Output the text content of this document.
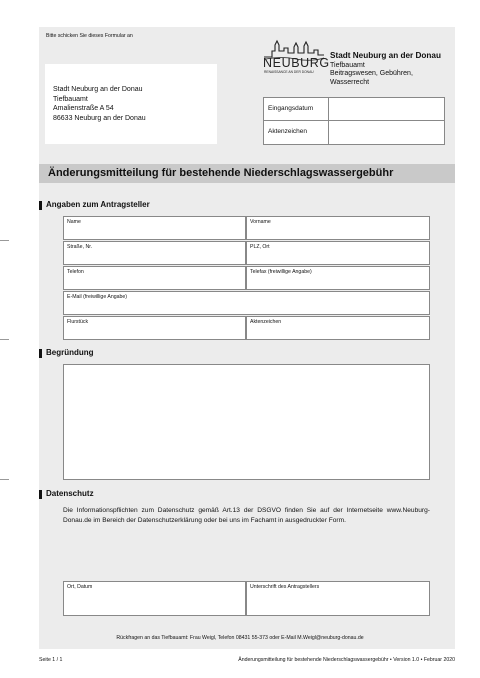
Bitte schicken Sie dieses Formular an
Stadt Neuburg an der Donau
Tiefbauamt
Amalienstraße A 54
86633 Neuburg an der Donau
NEUBURG
RENAISSANCE AN DER DONAU
Stadt Neuburg an der Donau
Tiefbauamt
Beitragswesen, Gebühren,
Wasserrecht
Eingangsdatum
Aktenzeichen
Änderungsmitteilung für bestehende Niederschlagswassergebühr
Angaben zum Antragsteller
Name	Vorname
Straße, Nr.	PLZ, Ort
Telefon	Telefax (freiwillige Angabe)
E-Mail (freiwillige Angabe)
Flurstück	Aktenzeichen
Begründung
Datenschutz
Die Informationspflichten zum Datenschutz gemäß Art.13 der DSGVO finden Sie auf der Internetseite www.Neuburg-Donau.de im Bereich der Datenschutzerklärung oder bei uns im Fachamt in ausgedruckter Form.
Ort, Datum	Unterschrift des Antragstellers
Rückfragen an das Tiefbauamt: Frau Weigl, Telefon 08431 55-373 oder E-Mail M.Weigl@neuburg-donau.de
Seite 1 / 1	Änderungsmitteilung für bestehende Niederschlagswassergebühr • Version 1.0 • Februar 2020
